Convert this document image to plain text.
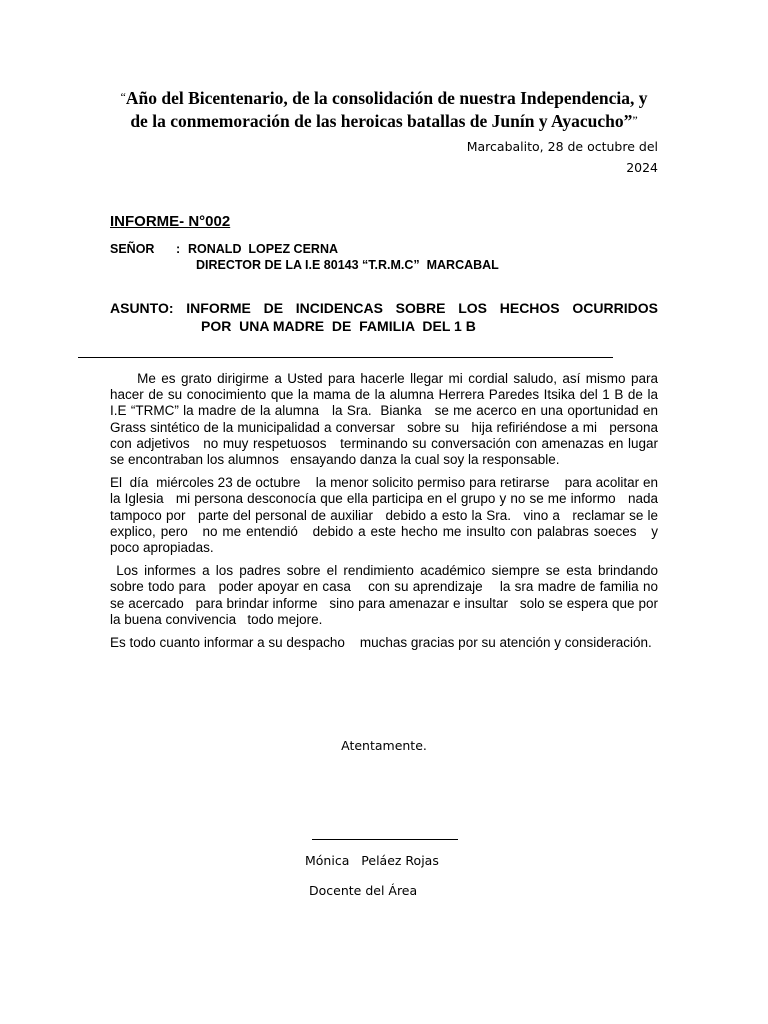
“Año del Bicentenario, de la consolidación de nuestra Independencia, y
de la conmemoración de las heroicas batallas de Junín y Ayacucho””
Marcabalito, 28 de octubre del
2024
INFORME- N°002
SEÑOR	: RONALD  LOPEZ CERNA
DIRECTOR DE LA I.E 80143 “T.R.M.C”  MARCABAL
ASUNTO: INFORME DE INCIDENCAS SOBRE LOS HECHOS OCURRIDOS
POR  UNA MADRE  DE  FAMILIA  DEL 1 B

Me es grato dirigirme a Usted para hacerle llegar mi cordial saludo, así mismo para hacer de su conocimiento que la mama de la alumna Herrera Paredes Itsika del 1 B de la I.E “TRMC” la madre de la alumna   la Sra.  Bianka   se me acerco en una oportunidad en Grass sintético de la municipalidad a conversar   sobre su   hija refiriéndose a mi   persona   con adjetivos   no muy respetuosos   terminando su conversación con amenazas en lugar se encontraban los alumnos   ensayando danza la cual soy la responsable.

El  día  miércoles 23 de octubre    la menor solicito permiso para retirarse    para acolitar en la Iglesia   mi persona desconocía que ella participa en el grupo y no se me informo   nada tampoco por   parte del personal de auxiliar   debido a esto la Sra.   vino a   reclamar se le explico, pero   no me entendió   debido a este hecho me insulto con palabras soeces   y poco apropiadas.

Los informes a los padres sobre el rendimiento académico siempre se esta brindando sobre todo para   poder apoyar en casa    con su aprendizaje    la sra madre de familia no se acercado   para brindar informe   sino para amenazar e insultar   solo se espera que por la buena convivencia   todo mejore.

Es todo cuanto informar a su despacho    muchas gracias por su atención y consideración.

Atentamente.
Mónica   Peláez Rojas
Docente del Área
